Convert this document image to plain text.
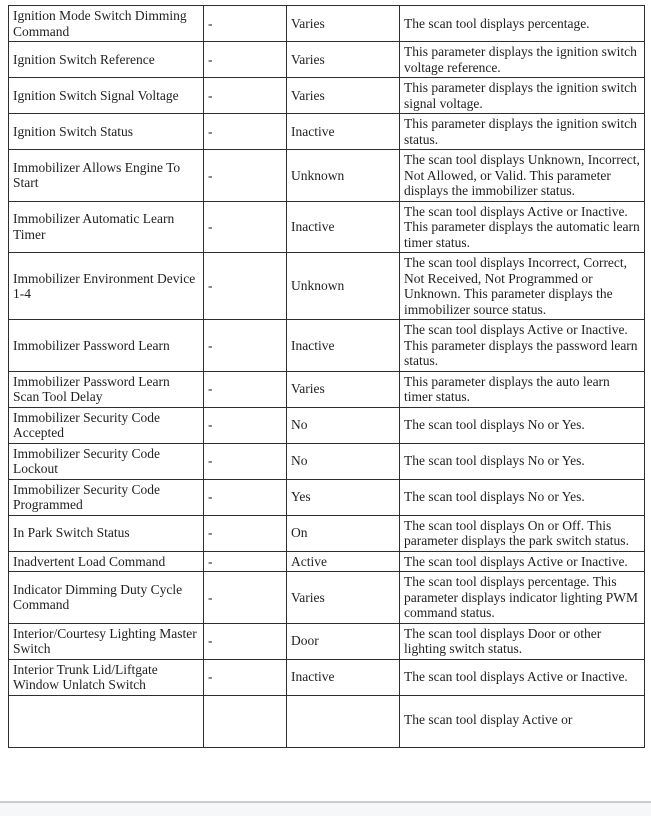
Ignition Mode Switch Dimming Command	-	Varies	The scan tool displays percentage.
Ignition Switch Reference	-	Varies	This parameter displays the ignition switch voltage reference.
Ignition Switch Signal Voltage	-	Varies	This parameter displays the ignition switch signal voltage.
Ignition Switch Status	-	Inactive	This parameter displays the ignition switch status.
Immobilizer Allows Engine To Start	-	Unknown	The scan tool displays Unknown, Incorrect, Not Allowed, or Valid. This parameter displays the immobilizer status.
Immobilizer Automatic Learn Timer	-	Inactive	The scan tool displays Active or Inactive. This parameter displays the automatic learn timer status.
Immobilizer Environment Device 1-4	-	Unknown	The scan tool displays Incorrect, Correct, Not Received, Not Programmed or Unknown. This parameter displays the immobilizer source status.
Immobilizer Password Learn	-	Inactive	The scan tool displays Active or Inactive. This parameter displays the password learn status.
Immobilizer Password Learn Scan Tool Delay	-	Varies	This parameter displays the auto learn timer status.
Immobilizer Security Code Accepted	-	No	The scan tool displays No or Yes.
Immobilizer Security Code Lockout	-	No	The scan tool displays No or Yes.
Immobilizer Security Code Programmed	-	Yes	The scan tool displays No or Yes.
In Park Switch Status	-	On	The scan tool displays On or Off. This parameter displays the park switch status.
Inadvertent Load Command	-	Active	The scan tool displays Active or Inactive.
Indicator Dimming Duty Cycle Command	-	Varies	The scan tool displays percentage. This parameter displays indicator lighting PWM command status.
Interior/Courtesy Lighting Master Switch	-	Door	The scan tool displays Door or other lighting switch status.
Interior Trunk Lid/Liftgate Window Unlatch Switch	-	Inactive	The scan tool displays Active or Inactive.
			The scan tool display Active or
